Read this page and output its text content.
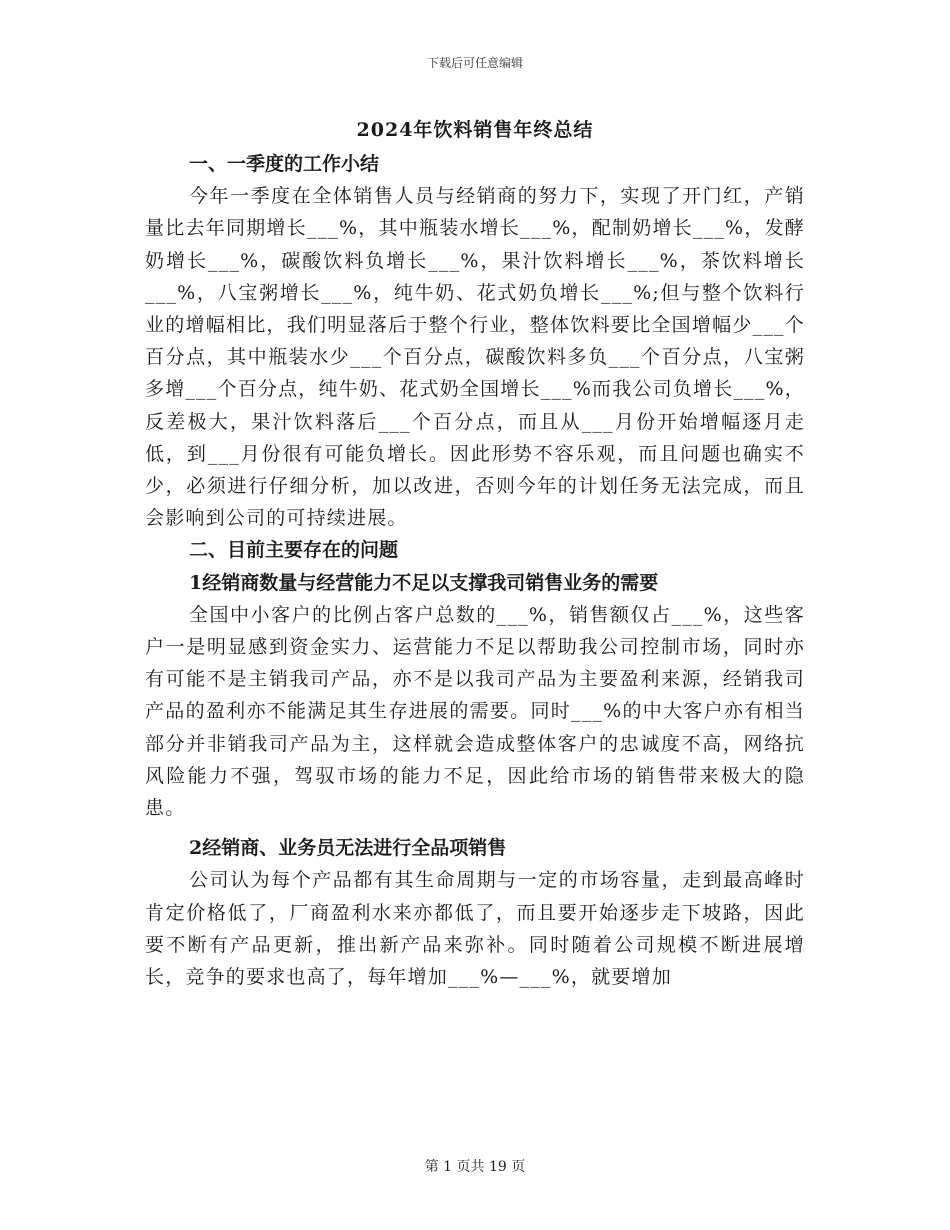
下载后可任意编辑
2024年饮料销售年终总结
一、一季度的工作小结

今年一季度在全体销售人员与经销商的努力下，实现了开门红，产销量比去年同期增长___%，其中瓶装水增长___%，配制奶增长___%，发酵奶增长___%，碳酸饮料负增长___%，果汁饮料增长___%，茶饮料增长___%，八宝粥增长___%，纯牛奶、花式奶负增长___%;但与整个饮料行业的增幅相比，我们明显落后于整个行业，整体饮料要比全国增幅少___个百分点，其中瓶装水少___个百分点，碳酸饮料多负___个百分点，八宝粥多增___个百分点，纯牛奶、花式奶全国增长___%而我公司负增长___%，反差极大，果汁饮料落后___个百分点，而且从___月份开始增幅逐月走低，到___月份很有可能负增长。因此形势不容乐观，而且问题也确实不少，必须进行仔细分析，加以改进，否则今年的计划任务无法完成，而且会影响到公司的可持续进展。

二、目前主要存在的问题
1经销商数量与经营能力不足以支撑我司销售业务的需要

全国中小客户的比例占客户总数的___%，销售额仅占___%，这些客户一是明显感到资金实力、运营能力不足以帮助我公司控制市场，同时亦有可能不是主销我司产品，亦不是以我司产品为主要盈利来源，经销我司产品的盈利亦不能满足其生存进展的需要。同时___%的中大客户亦有相当部分并非销我司产品为主，这样就会造成整体客户的忠诚度不高，网络抗风险能力不强，驾驭市场的能力不足，因此给市场的销售带来极大的隐患。

2经销商、业务员无法进行全品项销售

公司认为每个产品都有其生命周期与一定的市场容量，走到最高峰时肯定价格低了，厂商盈利水来亦都低了，而且要开始逐步走下坡路，因此要不断有产品更新，推出新产品来弥补。同时随着公司规模不断进展增长，竞争的要求也高了，每年增加___%—___%，就要增加

第 1 页共 19 页
